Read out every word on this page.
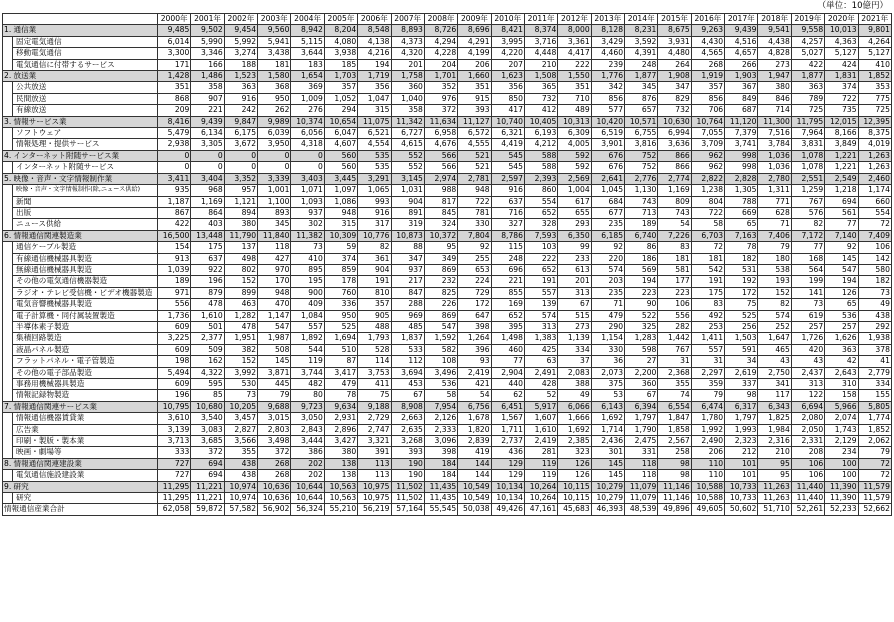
（単位：10億円）
		2000年	2001年	2002年	2003年	2004年	2005年	2006年	2007年	2008年	2009年	2010年	2011年	2012年	2013年	2014年	2015年	2016年	2017年	2018年	2019年	2020年	2021年
1.	通信業	9,485	9,502	9,454	9,560	8,942	8,204	8,548	8,893	8,726	8,696	8,421	8,374	8,000	8,128	8,231	8,675	9,263	9,439	9,541	9,558	10,013	9,801
	固定電気通信	6,014	5,990	5,992	5,941	5,115	4,080	4,138	4,373	4,294	4,291	3,995	3,716	3,361	3,429	3,592	3,931	4,430	4,516	4,438	4,257	4,363	4,264
	移動電気通信	3,300	3,346	3,274	3,438	3,644	3,938	4,216	4,320	4,228	4,199	4,220	4,448	4,417	4,460	4,391	4,480	4,565	4,657	4,828	5,027	5,127	5,127
	電気通信に付帯するサービス	171	166	188	181	183	185	194	201	204	206	207	210	222	239	248	264	268	266	273	422	424	410
2.	放送業	1,428	1,486	1,523	1,580	1,654	1,703	1,719	1,758	1,701	1,660	1,623	1,508	1,550	1,776	1,877	1,908	1,919	1,903	1,947	1,877	1,831	1,852
	公共放送	351	358	363	368	369	357	356	360	352	351	356	365	351	342	345	347	357	367	380	363	374	353
	民間放送	868	907	916	950	1,009	1,052	1,047	1,040	976	915	850	732	710	856	876	829	856	849	846	789	722	775
	有線放送	209	221	242	262	276	294	315	358	372	393	417	412	489	577	657	732	706	687	714	725	735	725
3.	情報サービス業	8,416	9,439	9,847	9,989	10,374	10,654	11,075	11,342	11,634	11,127	10,740	10,405	10,313	10,420	10,571	10,630	10,764	11,120	11,300	11,795	12,015	12,395
	ソフトウェア	5,479	6,134	6,175	6,039	6,056	6,047	6,521	6,727	6,958	6,572	6,321	6,193	6,309	6,519	6,755	6,994	7,055	7,379	7,516	7,964	8,166	8,375
	情報処理・提供サービス	2,938	3,305	3,672	3,950	4,318	4,607	4,554	4,615	4,676	4,555	4,419	4,212	4,005	3,901	3,816	3,636	3,709	3,741	3,784	3,831	3,849	4,019
4.	インターネット附随サービス業	0	0	0	0	0	560	535	552	566	521	545	588	592	676	752	866	962	998	1,036	1,078	1,221	1,263
	インターネット附随サービス	0	0	0	0	0	560	535	552	566	521	545	588	592	676	752	866	962	998	1,036	1,078	1,221	1,263
5.	映像・音声・文字情報制作業	3,411	3,404	3,352	3,339	3,403	3,445	3,291	3,145	2,974	2,781	2,597	2,393	2,569	2,641	2,776	2,774	2,822	2,828	2,780	2,551	2,549	2,460
	映像・音声・文字情報制作(除,ニュース供給)	935	968	957	1,001	1,071	1,097	1,065	1,031	988	948	916	860	1,004	1,045	1,130	1,169	1,238	1,305	1,311	1,259	1,218	1,174
	新聞	1,187	1,169	1,121	1,100	1,093	1,086	993	904	817	722	637	554	617	684	743	809	804	788	771	767	694	660
	出版	867	864	894	893	937	948	916	891	845	781	716	652	655	677	713	743	722	669	628	576	561	554
	ニュース供給	422	403	380	345	302	315	317	319	324	330	327	328	293	235	189	54	58	65	71	82	77	72
6.	情報通信関連製造業	16,500	13,448	11,790	11,840	11,382	10,309	10,776	10,873	10,372	7,804	8,786	7,593	6,350	6,185	6,740	7,226	6,703	7,163	7,406	7,172	7,140	7,409
	通信ケーブル製造	154	175	137	118	73	59	82	88	95	92	115	103	99	92	86	83	72	78	79	77	92	106
	有線通信機械器具製造	913	637	498	427	410	374	361	347	349	255	248	222	233	220	186	181	181	182	180	168	145	142
	無線通信機械器具製造	1,039	922	802	970	895	859	904	937	869	653	696	652	613	574	569	581	542	531	538	564	547	580
	その他の電気通信機器製造	189	196	152	170	195	178	191	217	232	224	221	191	201	203	194	177	191	192	193	199	194	182
	ラジオ・テレビ受信機・ビデオ機器製造	971	879	899	948	900	760	810	847	825	729	855	557	313	235	223	223	175	172	152	141	126	73
	電気音響機械器具製造	556	478	463	470	409	336	357	288	226	172	169	139	67	71	90	106	83	75	82	73	65	49
	電子計算機・同付属装置製造	1,736	1,610	1,282	1,147	1,084	950	905	969	869	647	652	574	515	479	522	556	492	525	574	619	536	438
	半導体素子製造	609	501	478	547	557	525	488	485	547	398	395	313	273	290	325	282	253	256	252	257	257	292
	集積回路製造	3,225	2,377	1,951	1,987	1,892	1,694	1,793	1,837	1,592	1,264	1,498	1,383	1,139	1,154	1,283	1,442	1,411	1,503	1,647	1,726	1,626	1,938
	液晶パネル製造	609	509	382	508	544	510	528	533	582	396	460	425	334	330	598	767	557	591	465	420	363	378
	フラットパネル・電子管製造	198	162	152	145	119	87	114	112	108	93	77	63	37	36	27	31	31	34	43	43	42	41
	その他の電子部品製造	5,494	4,322	3,992	3,871	3,744	3,417	3,753	3,694	3,496	2,419	2,904	2,491	2,083	2,073	2,200	2,368	2,297	2,619	2,750	2,437	2,643	2,779
	事務用機械器具製造	609	595	530	445	482	479	411	453	536	421	440	428	388	375	360	355	359	337	341	313	310	334
	情報記録物製造	196	85	73	79	80	78	75	67	58	54	62	52	49	53	67	74	79	98	117	122	158	155
7.	情報通信関連サービス業	10,795	10,680	10,205	9,688	9,723	9,634	9,188	8,908	7,954	6,756	6,451	5,917	6,066	6,143	6,394	6,554	6,474	6,317	6,343	6,694	5,966	5,805
	情報通信機器賃貸業	3,610	3,540	3,457	3,015	3,050	2,931	2,729	2,663	2,126	1,678	1,567	1,607	1,666	1,692	1,797	1,847	1,780	1,797	1,825	2,080	2,074	1,774
	広告業	3,139	3,083	2,827	2,803	2,843	2,896	2,747	2,635	2,333	1,820	1,711	1,610	1,692	1,714	1,790	1,858	1,992	1,993	1,984	2,050	1,743	1,852
	印刷・製版・製本業	3,713	3,685	3,566	3,498	3,444	3,427	3,321	3,268	3,096	2,839	2,737	2,419	2,385	2,436	2,475	2,567	2,490	2,323	2,316	2,331	2,129	2,062
	映画・劇場等	333	372	355	372	386	380	391	393	398	419	436	281	323	301	331	258	206	212	210	208	234	79
8.	情報通信関連建設業	727	694	438	268	202	138	113	190	184	144	129	119	126	145	118	98	110	101	95	106	100	72
	電気通信施設建設業	727	694	438	268	202	138	113	190	184	144	129	119	126	145	118	98	110	101	95	106	100	72
9.	研究	11,295	11,221	10,974	10,636	10,644	10,563	10,975	11,502	11,435	10,549	10,134	10,264	10,115	10,279	11,079	11,146	10,588	10,733	11,263	11,440	11,390	11,579
	研究	11,295	11,221	10,974	10,636	10,644	10,563	10,975	11,502	11,435	10,549	10,134	10,264	10,115	10,279	11,079	11,146	10,588	10,733	11,263	11,440	11,390	11,579
情報通信産業合計		62,058	59,872	57,582	56,902	56,324	55,210	56,219	57,164	55,545	50,038	49,426	47,161	45,683	46,393	48,539	49,896	49,605	50,602	51,710	52,261	52,233	52,662
